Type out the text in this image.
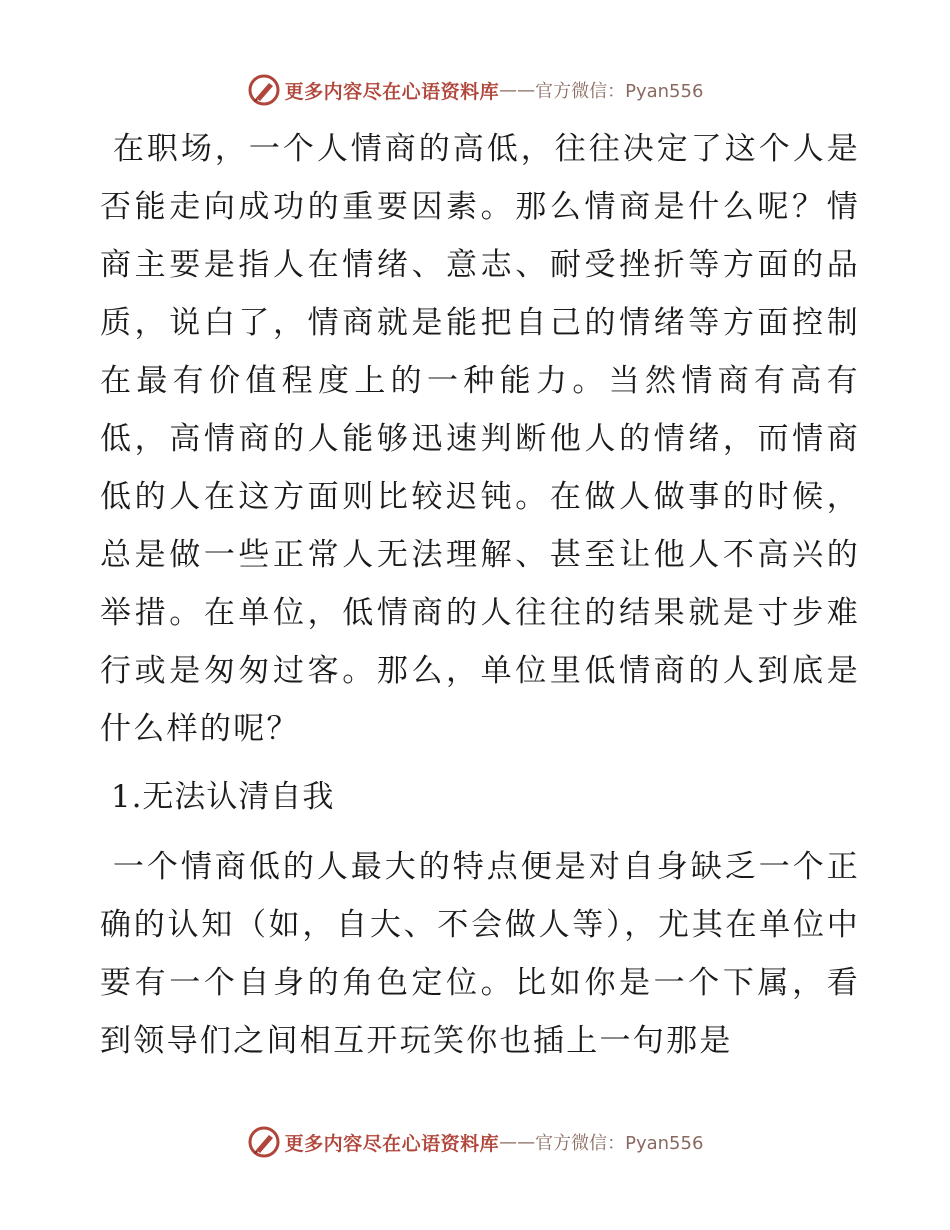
更多内容尽在心语资料库 —— 官方微信：Pyan556

在职场，一个人情商的高低，往往决定了这个人是否能走向成功的重要因素。那么情商是什么呢？情商主要是指人在情绪、意志、耐受挫折等方面的品质，说白了，情商就是能把自己的情绪等方面控制在最有价值程度上的一种能力。当然情商有高有低，高情商的人能够迅速判断他人的情绪，而情商低的人在这方面则比较迟钝。在做人做事的时候，总是做一些正常人无法理解、甚至让他人不高兴的举措。在单位，低情商的人往往的结果就是寸步难行或是匆匆过客。那么，单位里低情商的人到底是什么样的呢？

1.无法认清自我

一个情商低的人最大的特点便是对自身缺乏一个正确的认知（如，自大、不会做人等），尤其在单位中要有一个自身的角色定位。比如你是一个下属，看到领导们之间相互开玩笑你也插上一句那是

更多内容尽在心语资料库 —— 官方微信：Pyan556
